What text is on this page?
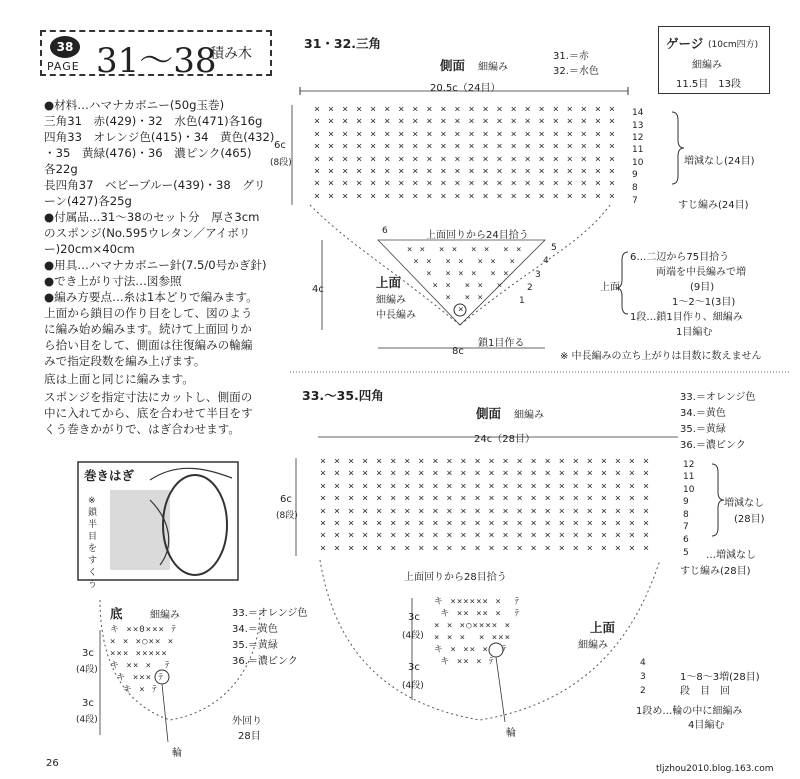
38
PAGE 31〜38
積み木
●材料…ハマナカボニー(50g玉巻)
三角31　赤(429)・32　水色(471)各16g
四角33　オレンジ色(415)・34　黄色(432)
・35　黄緑(476)・36　濃ピンク(465)
各22g
長四角37　ベビーブルー(439)・38　グリ
ーン(427)各25g
●付属品…31〜38のセット分　厚さ3cm
のスポンジ(No.595ウレタン／アイボリ
ー)20cm×40cm
●用具…ハマナカボニー針(7.5/0号かぎ針)
●でき上がり寸法…図参照
●編み方要点…糸は1本どりで編みます。
上面から鎖目の作り目をして、図のよう
に編み始め編みます。続けて上面回りか
ら拾い目をして、側面は往復編みの輪編
みで指定段数を編み上げます。
底は上面と同じに編みます。
スポンジを指定寸法にカットし、側面の
中に入れてから、底を合わせて半目をす
くう巻きかがりで、はぎ合わせます。
巻きはぎ
※鎖半目をすくう
31・32.三角
側面 細編み
31.＝赤
32.＝水色
20.5c（24目）
6c
(8段)
× × × × × × × × × × × × × × × × × × × × × ×
× × × × × × × × × × × × × × × × × × × × × ×
× × × × × × × × × × × × × × × × × × × × × ×
× × × × × × × × × × × × × × × × × × × × × ×
× × × × × × × × × × × × × × × × × × × × × ×
× × × × × × × × × × × × × × × × × × × × × ×
× × × × × × × × × × × × × × × × × × × × × ×
× × × × × × × × × × × × × × × × × × × × × ×
14
13
12
11
10
9
8
7
増減なし(24目)
すじ編み(24目)
上面回りから24目拾う
× ×  × ×  × ×  × ×
× ×  × ×  × ×  ×
×  × × ×  × ×
× ×  × ×  ×
×  × ×
×
上面
細編み
中長編み
4c
8c
鎖1目作る
6
5
4
3
2
1
6…二辺から75目拾う
両端を中長編みで増
上面	(9目)
1〜2〜1(3目)
1段…鎖1目作り、細編み
1目編む
※ 中長編みの立ち上がりは目数に数えません
ゲージ (10cm四方)
細編み
11.5目　13段
33.〜35.四角
側面 細編み
33.＝オレンジ色
34.＝黄色
35.＝黄緑
36.＝濃ピンク
24c（28目）
6c
(8段)
× × × × × × × × × × × × × × × × × × × × × × × ×
× × × × × × × × × × × × × × × × × × × × × × × ×
× × × × × × × × × × × × × × × × × × × × × × × ×
× × × × × × × × × × × × × × × × × × × × × × × ×
× × × × × × × × × × × × × × × × × × × × × × × ×
× × × × × × × × × × × × × × × × × × × × × × × ×
× × × × × × × × × × × × × × × × × × × × × × × ×
× × × × × × × × × × × × × × × × × × × × × × × ×
12
11
10
9
8
7
6
5
増減なし
(28目)
…増減なし
すじ編み(28目)
上面回りから28目拾う
キ ×××××× ×  ﾃ
キ ×× ×× ×  ﾃ
× × ×○×××× ×
× × ×  × ×××
キ × ×× ×  ﾃ
キ ×× × ﾃ
上面
細編み
3c
(4段)
3c
(4段)
4
3
2
1〜8〜3増(28目)
段　目　回
1段め…輪の中に細編み
4目編む
輪
底	細編み	33.＝オレンジ色
34.＝黄色
35.＝黄緑
36.＝濃ピンク
キ ××0××× ﾃ
× × ×○×× ×
××× ×××××
キ ×× ×  ﾃ
キ ××× ﾃ
キ × ﾃ
3c
(4段)
3c
(4段)	外回り
28目
輪
26	tljzhou2010.blog.163.com
